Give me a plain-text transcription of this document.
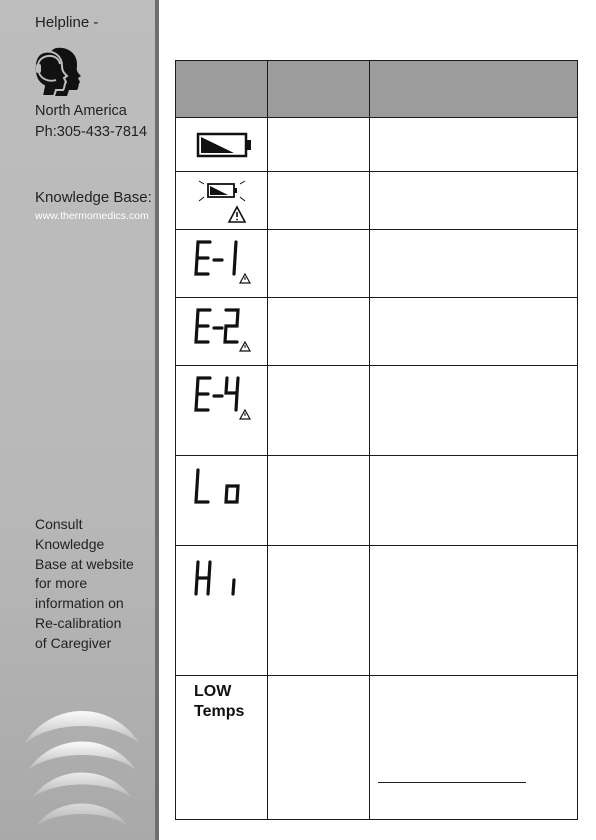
Helpline -
North America
Ph:305-433-7814
Knowledge Base:
www.thermomedics.com
Consult
Knowledge
Base at website
for more
information on
Re-calibration
of Caregiver

LOW
Temps		
